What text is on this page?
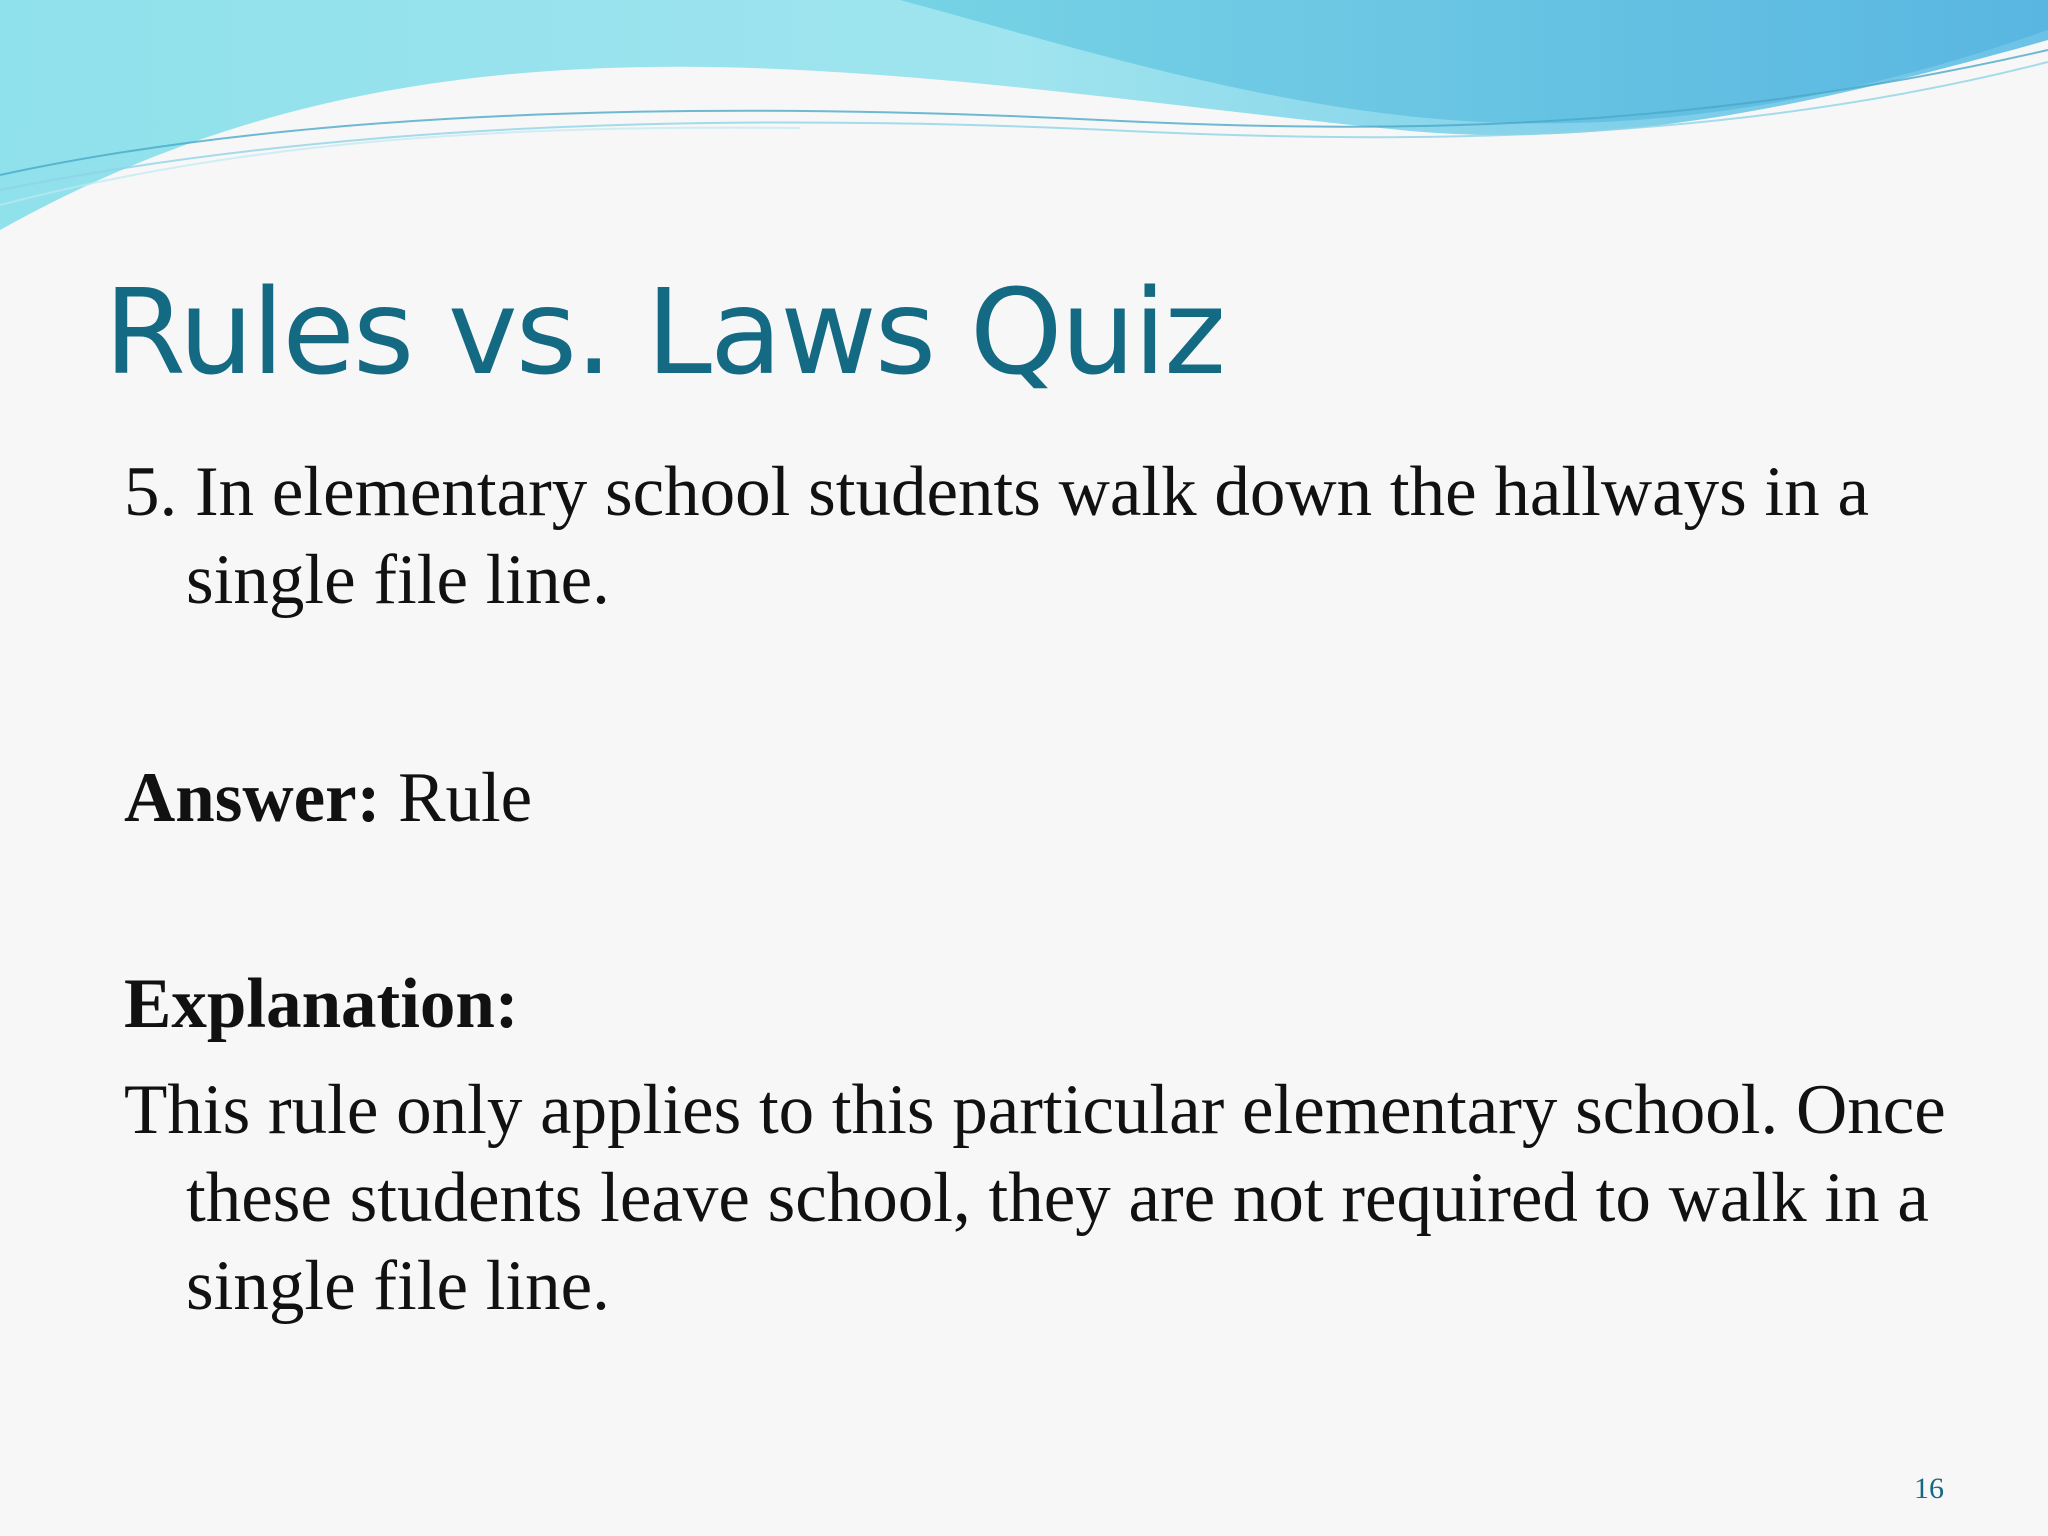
Rules vs. Laws Quiz

5. In elementary school students walk down the hallways in a single file line.

Answer: Rule

Explanation:

This rule only applies to this particular elementary school. Once these students leave school, they are not required to walk in a single file line.

16
